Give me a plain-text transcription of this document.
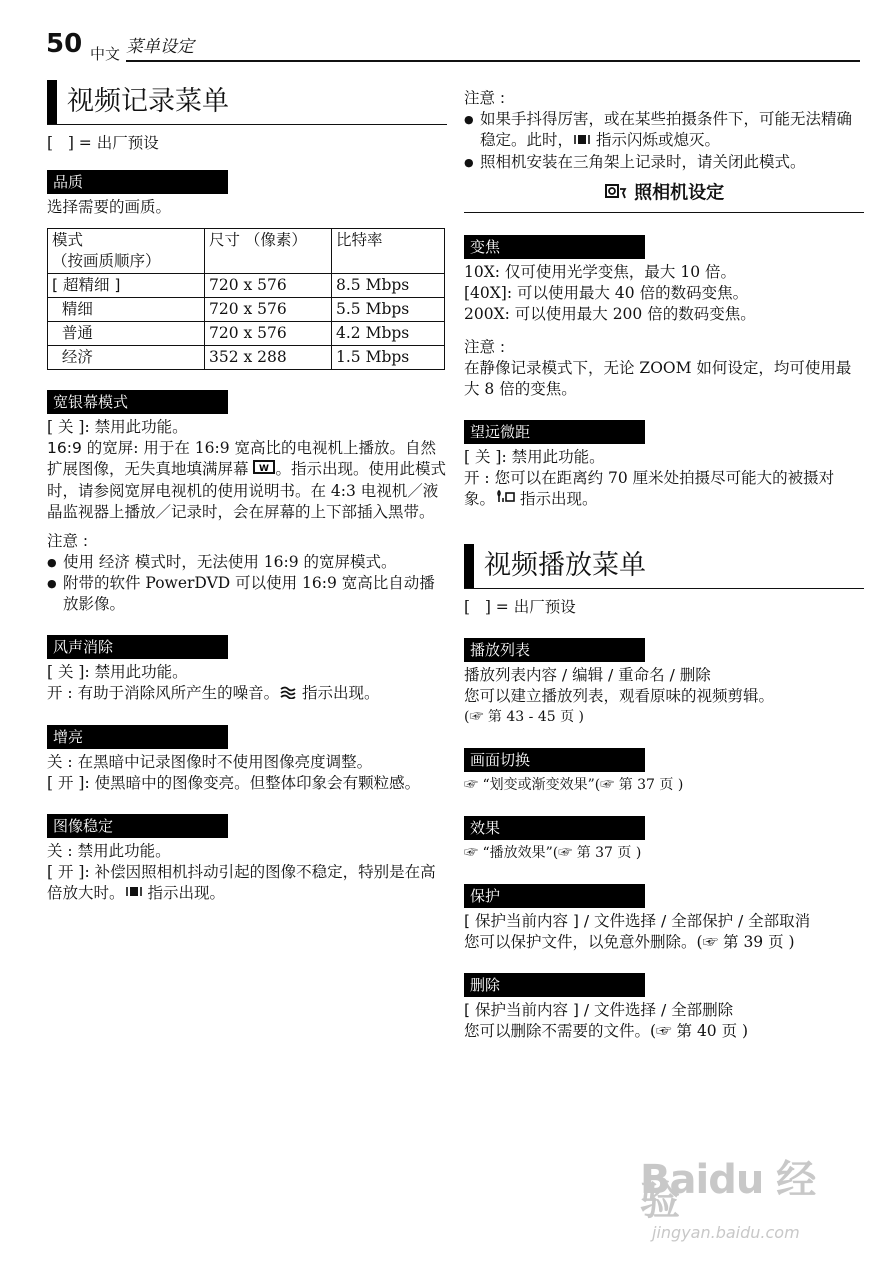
50 中文 菜单设定
视频记录菜单

[   ] = 出厂预设

品质

选择需要的画质。

模式
（按画质顺序）	尺寸 （像素）	比特率
[ 超精细 ]	720 x 576	8.5 Mbps
精细	720 x 576	5.5 Mbps
普通	720 x 576	4.2 Mbps
经济	352 x 288	1.5 Mbps
宽银幕模式

[ 关 ]: 禁用此功能。

16:9 的宽屏: 用于在 16:9 宽高比的电视机上播放。自然扩展图像，无失真地填满屏幕 W 。指示出现。使用此模式时，请参阅宽屏电视机的使用说明书。在 4:3 电视机／液晶监视器上播放／记录时，会在屏幕的上下部插入黑带。

注意 :

● 使用 经济 模式时，无法使用 16:9 的宽屏模式。

● 附带的软件 PowerDVD 可以使用 16:9 宽高比自动播放影像。

风声消除

[ 关 ]: 禁用此功能。

开 : 有助于消除风所产生的噪音。 指示出现。

增亮

关 : 在黑暗中记录图像时不使用图像亮度调整。

[ 开 ]: 使黑暗中的图像变亮。但整体印象会有颗粒感。

图像稳定

关 : 禁用此功能。

[ 开 ]: 补偿因照相机抖动引起的图像不稳定，特别是在高倍放大时。 指示出现。

注意 :

● 如果手抖得厉害，或在某些拍摄条件下，可能无法精确稳定。此时， 指示闪烁或熄灭。

● 照相机安装在三角架上记录时，请关闭此模式。

照相机设定
变焦

10X: 仅可使用光学变焦，最大 10 倍。

[40X]: 可以使用最大 40 倍的数码变焦。

200X: 可以使用最大 200 倍的数码变焦。

注意 :

在静像记录模式下，无论 ZOOM 如何设定，均可使用最大 8 倍的变焦。

望远微距

[ 关 ]: 禁用此功能。

开 : 您可以在距离约 70 厘米处拍摄尽可能大的被摄对象。 指示出现。

视频播放菜单

[   ] = 出厂预设

播放列表

播放列表内容 / 编辑 / 重命名 / 删除

您可以建立播放列表，观看原味的视频剪辑。

(☞ 第 43 - 45 页 )

画面切换

☞ “划变或渐变效果”(☞ 第 37 页 )

效果

☞ “播放效果”(☞ 第 37 页 )

保护

[ 保护当前内容 ] / 文件选择 / 全部保护 / 全部取消

您可以保护文件，以免意外删除。(☞ 第 39 页 )

删除

[ 保护当前内容 ] / 文件选择 / 全部删除

您可以删除不需要的文件。(☞ 第 40 页 )

Baidu 经验
jingyan.baidu.com
